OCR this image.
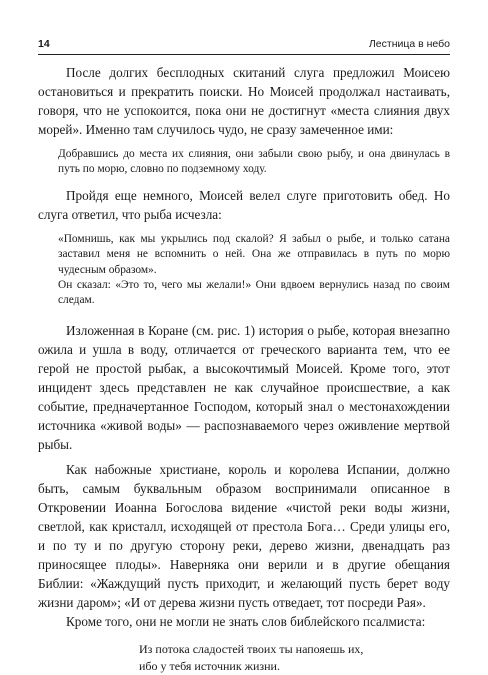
14	Лестница в небо

После долгих бесплодных скитаний слуга предложил Моисею остановиться и прекратить поиски. Но Моисей продолжал настаивать, говоря, что не успокоится, пока они не достигнут «места слияния двух морей». Именно там случилось чудо, не сразу замеченное ими:

Добравшись до места их слияния, они забыли свою рыбу, и она двинулась в путь по морю, словно по подземному ходу.

Пройдя еще немного, Моисей велел слуге приготовить обед. Но слуга ответил, что рыба исчезла:

«Помнишь, как мы укрылись под скалой? Я забыл о рыбе, и только сатана заставил меня не вспомнить о ней. Она же отправилась в путь по морю чудесным образом».

Он сказал: «Это то, чего мы желали!» Они вдвоем вернулись назад по своим следам.

Изложенная в Коране (см. рис. 1) история о рыбе, которая внезапно ожила и ушла в воду, отличается от греческого варианта тем, что ее герой не простой рыбак, а высокочтимый Моисей. Кроме того, этот инцидент здесь представлен не как случайное происшествие, а как событие, предначертанное Господом, который знал о местонахождении источника «живой воды» — распознаваемого через оживление мертвой рыбы.

Как набожные христиане, король и королева Испании, должно быть, самым буквальным образом воспринимали описанное в Откровении Иоанна Богослова видение «чистой реки воды жизни, светлой, как кристалл, исходящей от престола Бога… Среди улицы его, и по ту и по другую сторону реки, дерево жизни, двенадцать раз приносящее плоды». Наверняка они верили и в другие обещания Библии: «Жаждущий пусть приходит, и желающий пусть берет воду жизни даром»; «И от дерева жизни пусть отведает, тот посреди Рая».

Кроме того, они не могли не знать слов библейского псалмиста:

Из потока сладостей твоих ты напояешь их,

ибо у тебя источник жизни.
